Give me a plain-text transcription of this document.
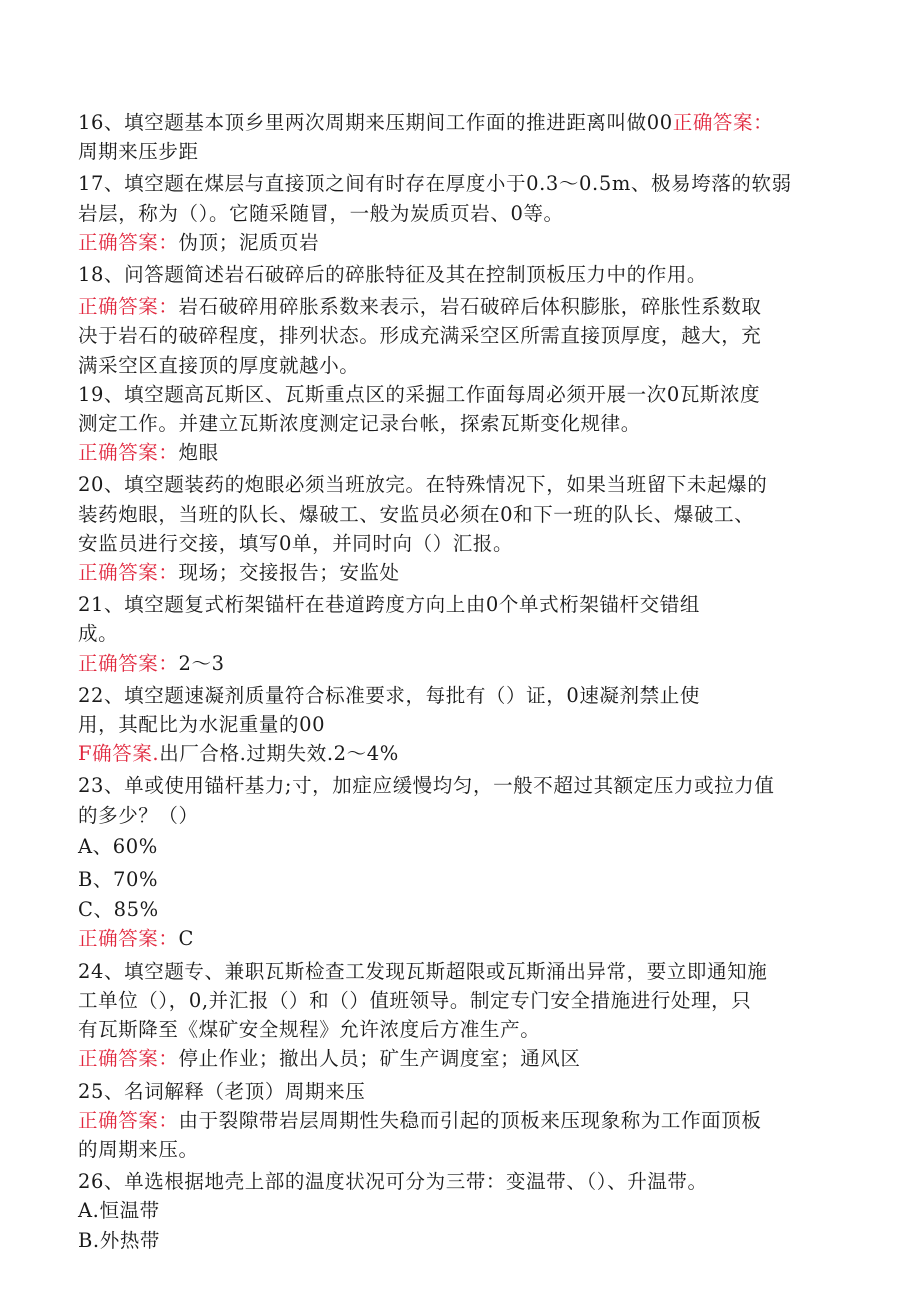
16、填空题基本顶乡里两次周期来压期间工作面的推进距离叫做00正确答案：
周期来压步距
17、填空题在煤层与直接顶之间有时存在厚度小于0.3～0.5m、极易垮落的软弱
岩层，称为（）。它随采随冒，一般为炭质页岩、0等。
正确答案：伪顶；泥质页岩
18、问答题简述岩石破碎后的碎胀特征及其在控制顶板压力中的作用。
正确答案：岩石破碎用碎胀系数来表示，岩石破碎后体积膨胀，碎胀性系数取
决于岩石的破碎程度，排列状态。形成充满采空区所需直接顶厚度，越大，充
满采空区直接顶的厚度就越小。
19、填空题高瓦斯区、瓦斯重点区的采掘工作面每周必须开展一次0瓦斯浓度
测定工作。并建立瓦斯浓度测定记录台帐，探索瓦斯变化规律。
正确答案：炮眼
20、填空题装药的炮眼必须当班放完。在特殊情况下，如果当班留下未起爆的
装药炮眼，当班的队长、爆破工、安监员必须在0和下一班的队长、爆破工、
安监员进行交接，填写0单，并同时向（）汇报。
正确答案：现场；交接报告；安监处
21、填空题复式桁架锚杆在巷道跨度方向上由0个单式桁架锚杆交错组
成。
正确答案：2～3
22、填空题速凝剂质量符合标准要求，每批有（）证，0速凝剂禁止使
用，其配比为水泥重量的00
F确答案.出厂合格.过期失效.2～4%
23、单或使用锚杆基力;寸，加症应缓慢均匀，一般不超过其额定压力或拉力值
的多少？（）
A、60%
B、70%
C、85%
正确答案：C
24、填空题专、兼职瓦斯检查工发现瓦斯超限或瓦斯涌出异常，要立即通知施
工单位（），0,并汇报（）和（）值班领导。制定专门安全措施进行处理，只
有瓦斯降至《煤矿安全规程》允许浓度后方准生产。
正确答案：停止作业；撤出人员；矿生产调度室；通风区
25、名词解释（老顶）周期来压
正确答案：由于裂隙带岩层周期性失稳而引起的顶板来压现象称为工作面顶板
的周期来压。
26、单选根据地壳上部的温度状况可分为三带：变温带、（）、升温带。
A.恒温带
B.外热带
